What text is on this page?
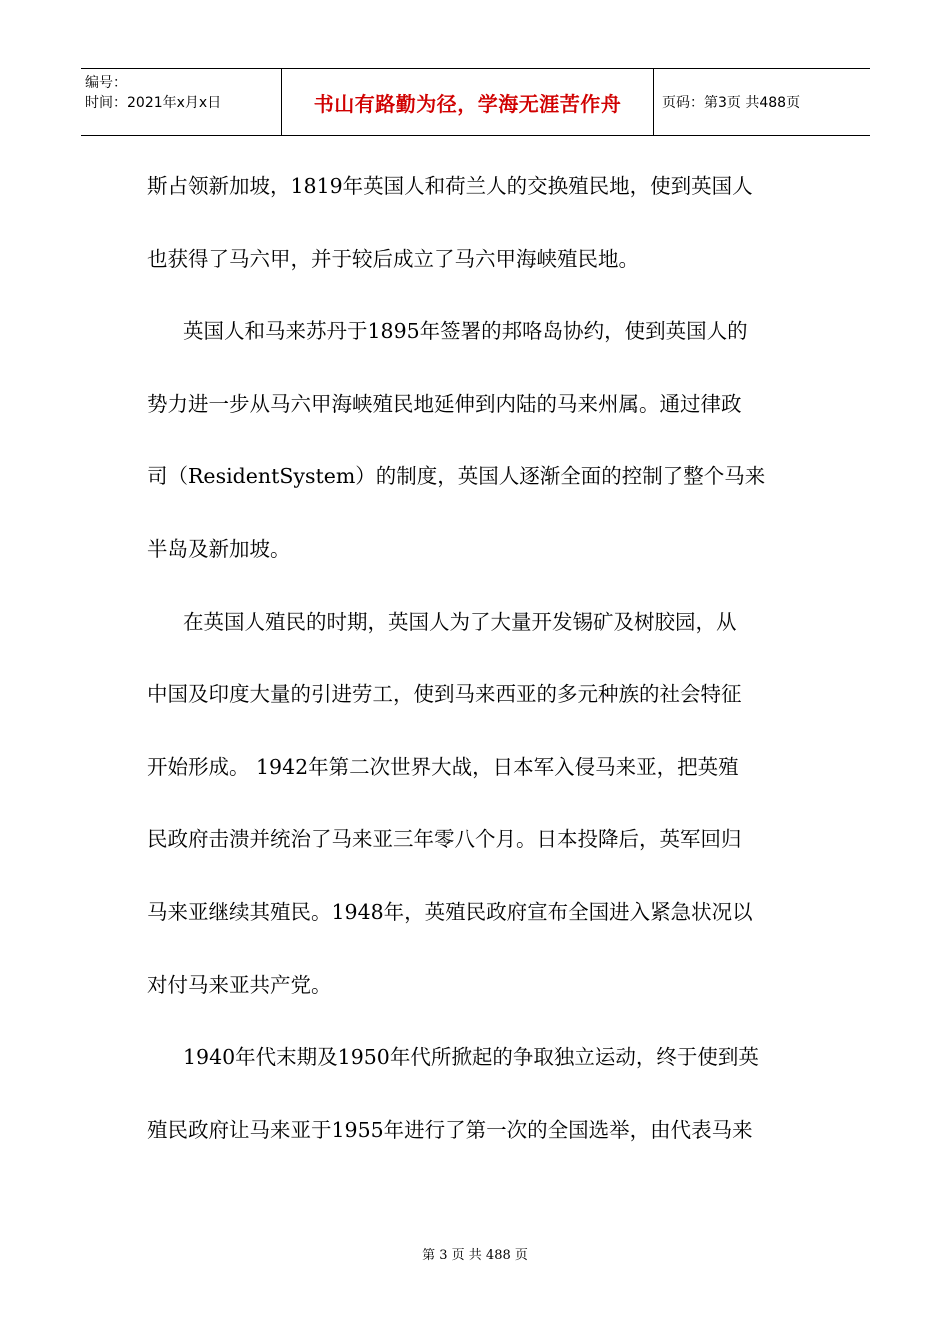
编号：
时间：2021年x月x日	书山有路勤为径，学海无涯苦作舟	页码：第3页 共488页
斯占领新加坡，1819年英国人和荷兰人的交换殖民地，使到英国人
也获得了马六甲，并于较后成立了马六甲海峡殖民地。
英国人和马来苏丹于1895年签署的邦咯岛协约，使到英国人的
势力进一步从马六甲海峡殖民地延伸到内陆的马来州属。通过律政
司（ResidentSystem）的制度，英国人逐渐全面的控制了整个马来
半岛及新加坡。
在英国人殖民的时期，英国人为了大量开发锡矿及树胶园，从
中国及印度大量的引进劳工，使到马来西亚的多元种族的社会特征
开始形成。 1942年第二次世界大战，日本军入侵马来亚，把英殖
民政府击溃并统治了马来亚三年零八个月。日本投降后，英军回归
马来亚继续其殖民。1948年，英殖民政府宣布全国进入紧急状况以
对付马来亚共产党。
1940年代末期及1950年代所掀起的争取独立运动，终于使到英
殖民政府让马来亚于1955年进行了第一次的全国选举，由代表马来
第 3 页 共 488 页
